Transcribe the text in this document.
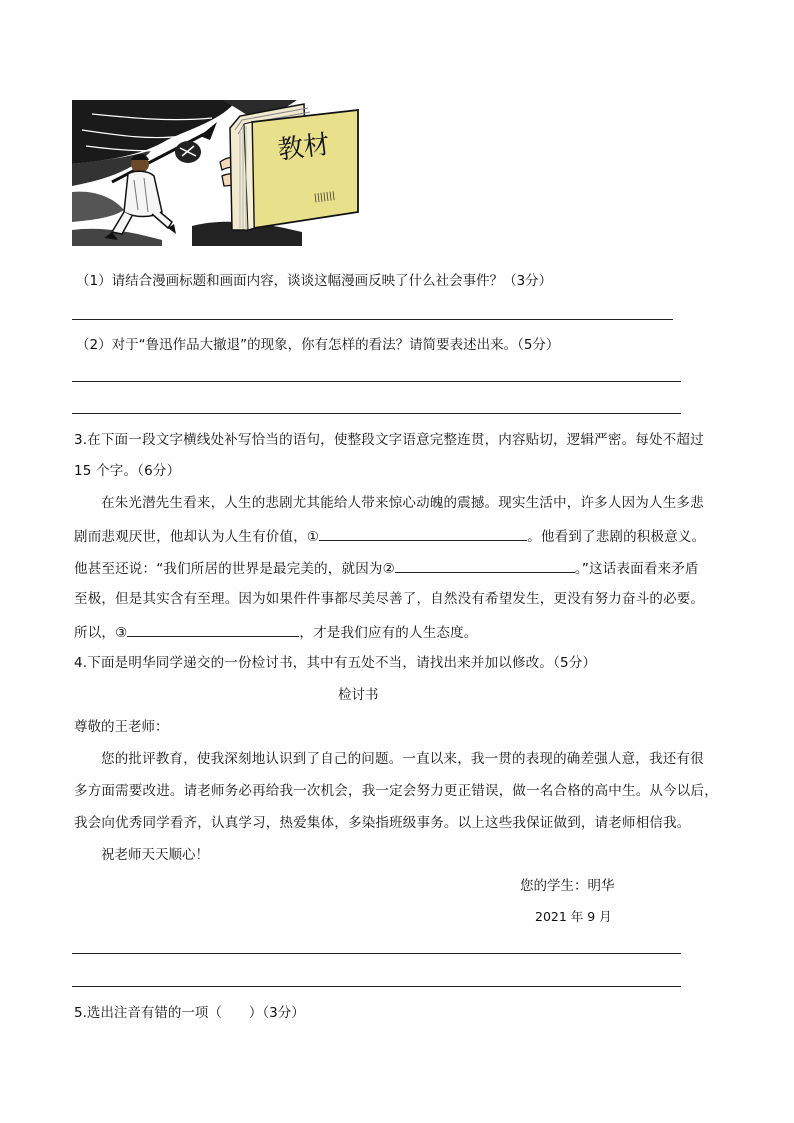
教材
|||||||
（1）请结合漫画标题和画面内容，谈谈这幅漫画反映了什么社会事件？（3分）
（2）对于“鲁迅作品大撤退”的现象，你有怎样的看法？请简要表述出来。（5分）
3.在下面一段文字横线处补写恰当的语句，使整段文字语意完整连贯，内容贴切，逻辑严密。每处不超过
15 个字。（6分）
在朱光潜先生看来，人生的悲剧尤其能给人带来惊心动魄的震撼。现实生活中，许多人因为人生多悲
剧而悲观厌世，他却认为人生有价值，①	。他看到了悲剧的积极意义。
他甚至还说：“我们所居的世界是最完美的，就因为②	。”这话表面看来矛盾
至极，但是其实含有至理。因为如果件件事都尽美尽善了，自然没有希望发生，更没有努力奋斗的必要。
所以，③	，才是我们应有的人生态度。
4.下面是明华同学递交的一份检讨书，其中有五处不当，请找出来并加以修改。（5分）
检讨书
尊敬的王老师：
您的批评教育，使我深刻地认识到了自己的问题。一直以来，我一贯的表现的确差强人意，我还有很
多方面需要改进。请老师务必再给我一次机会，我一定会努力更正错误，做一名合格的高中生。从今以后，
我会向优秀同学看齐，认真学习，热爱集体，多染指班级事务。以上这些我保证做到，请老师相信我。
祝老师天天顺心！
您的学生：明华
2021 年 9 月
5.选出注音有错的一项（　　）（3分）
